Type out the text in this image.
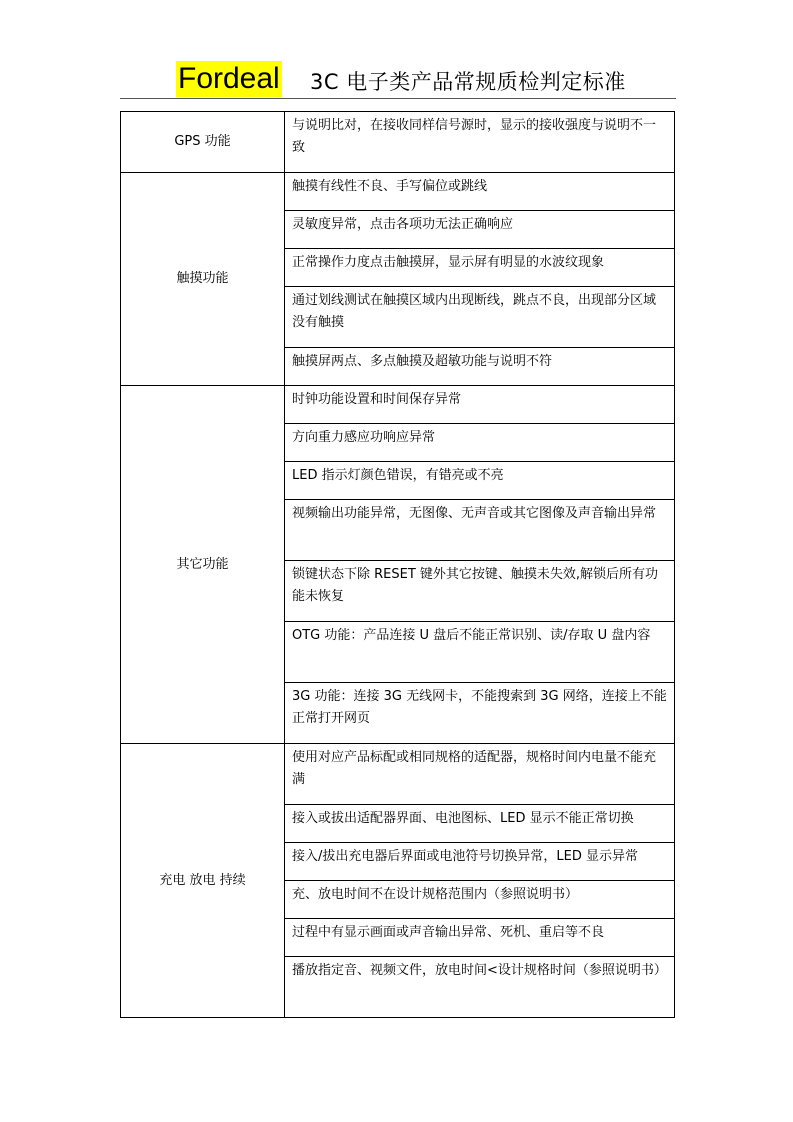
Fordeal 3C 电子类产品常规质检判定标准
GPS 功能	与说明比对，在接收同样信号源时，显示的接收强度与说明不一致
触摸功能	触摸有线性不良、手写偏位或跳线
	灵敏度异常，点击各项功无法正确响应
	正常操作力度点击触摸屏，显示屏有明显的水波纹现象
	通过划线测试在触摸区域内出现断线，跳点不良，出现部分区域没有触摸
	触摸屏两点、多点触摸及超敏功能与说明不符
其它功能	时钟功能设置和时间保存异常
	方向重力感应功响应异常
	LED 指示灯颜色错误，有错亮或不亮
	视频输出功能异常，无图像、无声音或其它图像及声音输出异常
	锁键状态下除 RESET 键外其它按键、触摸未失效,解锁后所有功能未恢复
	OTG 功能：产品连接 U 盘后不能正常识别、读/存取 U 盘内容
	3G 功能：连接 3G 无线网卡，不能搜索到 3G 网络，连接上不能正常打开网页
充电 放电 持续	使用对应产品标配或相同规格的适配器，规格时间内电量不能充满
	接入或拔出适配器界面、电池图标、LED 显示不能正常切换
	接入/拔出充电器后界面或电池符号切换异常，LED 显示异常
	充、放电时间不在设计规格范围内（参照说明书）
	过程中有显示画面或声音输出异常、死机、重启等不良
	播放指定音、视频文件，放电时间<设计规格时间（参照说明书）
